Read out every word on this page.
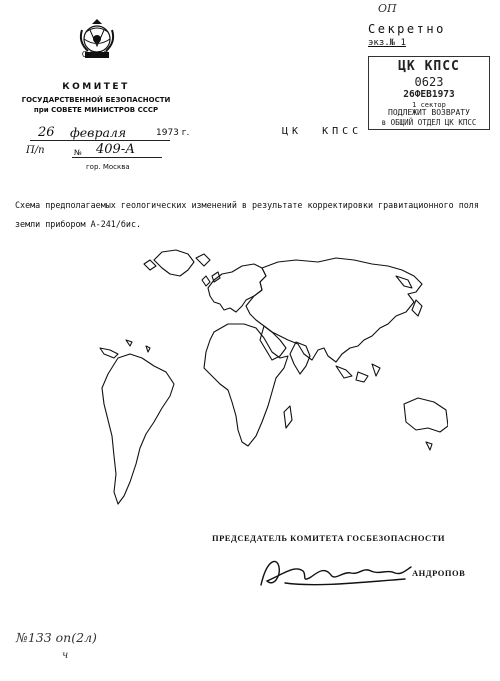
СССР
КОМИТЕТ
ГОСУДАРСТВЕННОЙ БЕЗОПАСНОСТИ
при СОВЕТЕ МИНИСТРОВ СССР
26 февраля	1973 г.
П/п	№ 409-А
гор. Москва
ОП
Секретно
экз.№ 1
ЦК КПСС
0623
26ФЕВ1973
1 сектор
ПОДЛЕЖИТ ВОЗВРАТУ
в ОБЩИЙ ОТДЕЛ ЦК КПСС
ЦК  КПСС
Схема предполагаемых геологических изменений в результате корректировки гравитационного поля земли прибором А-241/бис.
ПРЕДСЕДАТЕЛЬ КОМИТЕТА ГОСБЕЗОПАСНОСТИ
АНДРОПОВ
№133 оп(2л)
ч
